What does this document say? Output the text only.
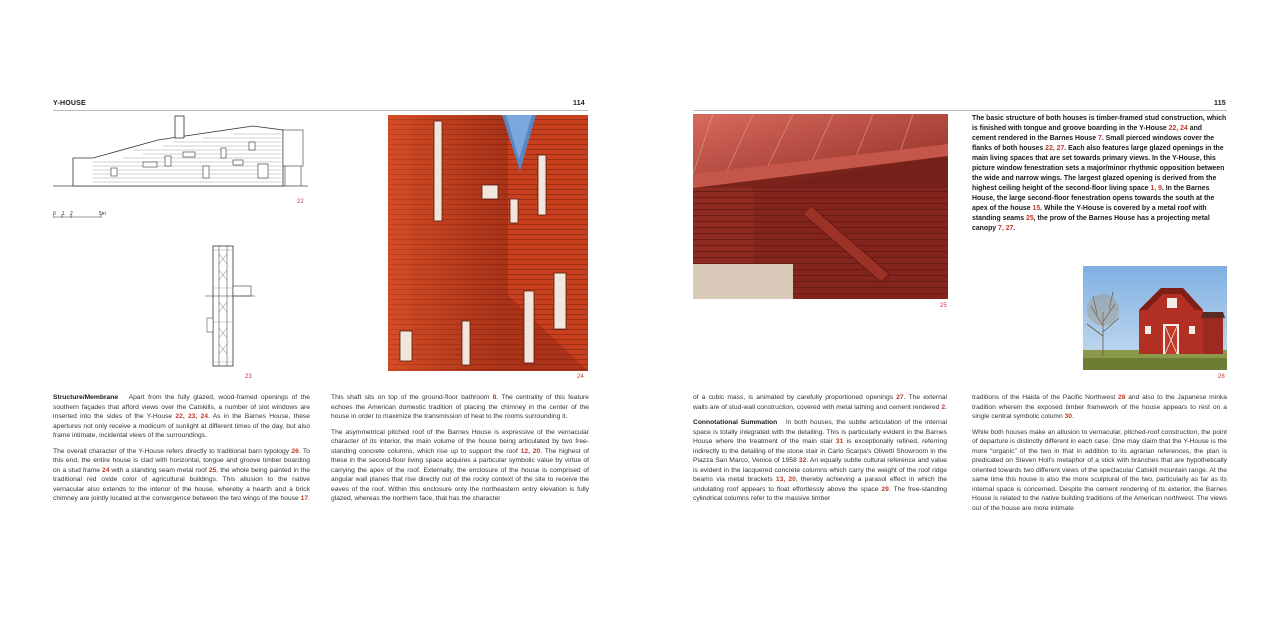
Y-HOUSE	114
22
0 1 2	5m
23	24

Structure/Membrane Apart from the fully glazed, wood-framed openings of the southern façades that afford views over the Catskills, a number of slot windows are inserted into the sides of the Y-House 22, 23, 24. As in the Barnes House, these apertures not only receive a modicum of sunlight at different times of the day, but also frame intimate, incidental views of the surroundings.

The overall character of the Y-House refers directly to traditional barn typology 26. To this end, the entire house is clad with horizontal, tongue and groove timber boarding on a stud frame 24 with a standing seam metal roof 25, the whole being painted in the traditional red oxide color of agricultural buildings. This allusion to the native vernacular also extends to the interior of the house, whereby a hearth and a brick chimney are jointly located at the convergence between the two wings of the house 17.

This shaft sits on top of the ground-floor bathroom 8. The centrality of this feature echoes the American domestic tradition of placing the chimney in the center of the house in order to maximize the transmission of heat to the rooms surrounding it.

The asymmetrical pitched roof of the Barnes House is expressive of the vernacular character of its interior, the main volume of the house being articulated by two free-standing concrete columns, which rise up to support the roof 12, 20. The highest of these in the second-floor living space acquires a particular symbolic value by virtue of carrying the apex of the roof. Externally, the enclosure of the house is comprised of angular wall planes that rise directly out of the rocky context of the site to receive the eaves of the roof. Within this enclosure only the northeastern entry elevation is fully glazed, whereas the northern face, that has the character

115
25
The basic structure of both houses is timber-framed stud construction, which is finished with tongue and groove boarding in the Y-House 22, 24 and cement rendered in the Barnes House 7. Small pierced windows cover the flanks of both houses 22, 27. Each also features large glazed openings in the main living spaces that are set towards primary views. In the Y-House, this picture window fenestration sets a major/minor rhythmic opposition between the wide and narrow wings. The largest glazed opening is derived from the highest ceiling height of the second-floor living space 1, 9. In the Barnes House, the large second-floor fenestration opens towards the south at the apex of the house 15. While the Y-House is covered by a metal roof with standing seams 25, the prow of the Barnes House has a projecting metal canopy 7, 27.
26

of a cubic mass, is animated by carefully proportioned openings 27. The external walls are of stud-wall construction, covered with metal lathing and cement rendered 2.

Connotational Summation In both houses, the subtle articulation of the internal space is totally integrated with the detailing. This is particularly evident in the Barnes House where the treatment of the main stair 31 is exceptionally refined, referring indirectly to the detailing of the stone stair in Carlo Scarpa's Olivetti Showroom in the Piazza San Marco, Venice of 1958 32. An equally subtle cultural reference and value is evident in the lacquered concrete columns which carry the weight of the roof ridge beams via metal brackets 13, 20, thereby achieving a parasol effect in which the undulating roof appears to float effortlessly above the space 29. The free-standing cylindrical columns refer to the massive timber

traditions of the Haida of the Pacific Northwest 28 and also to the Japanese minka tradition wherein the exposed timber framework of the house appears to rest on a single central symbolic column 30.

While both houses make an allusion to vernacular, pitched-roof construction, the point of departure is distinctly different in each case. One may claim that the Y-House is the more “organic” of the two in that in addition to its agrarian references, the plan is predicated on Steven Holl's metaphor of a stick with branches that are hypothetically oriented towards two different views of the spectacular Catskill mountain range. At the same time this house is also the more sculptural of the two, particularly as far as its internal space is concerned. Despite the cement rendering of its exterior, the Barnes House is related to the native building traditions of the American northwest. The views out of the house are more intimate
